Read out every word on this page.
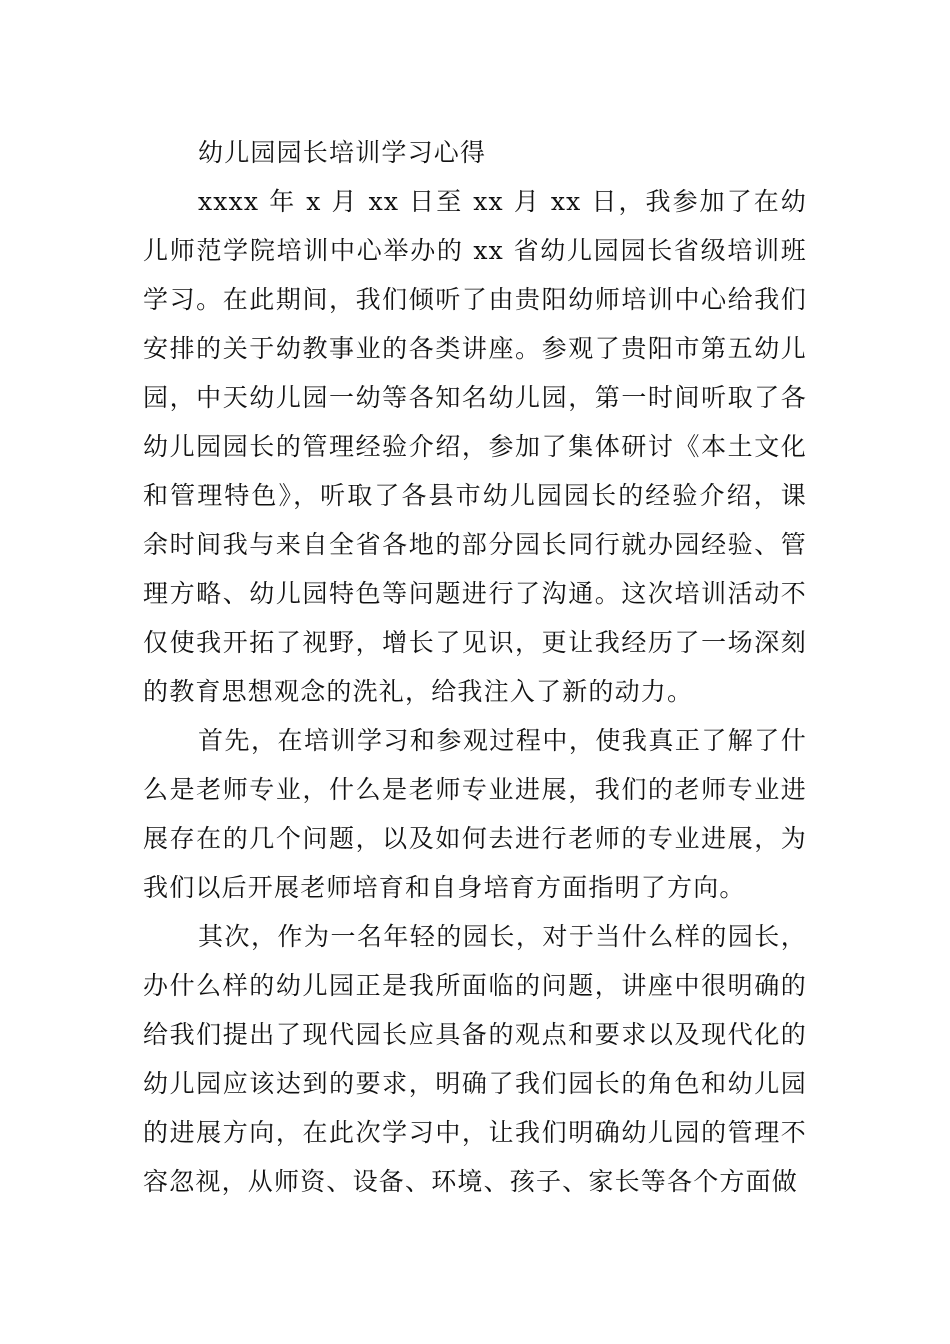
幼儿园园长培训学习心得

xxxx 年 x 月 xx 日至 xx 月 xx 日，我参加了在幼儿师范学院培训中心举办的 xx 省幼儿园园长省级培训班学习。在此期间，我们倾听了由贵阳幼师培训中心给我们安排的关于幼教事业的各类讲座。参观了贵阳市第五幼儿园，中天幼儿园一幼等各知名幼儿园，第一时间听取了各幼儿园园长的管理经验介绍，参加了集体研讨《本土文化和管理特色》，听取了各县市幼儿园园长的经验介绍，课余时间我与来自全省各地的部分园长同行就办园经验、管理方略、幼儿园特色等问题进行了沟通。这次培训活动不仅使我开拓了视野，增长了见识，更让我经历了一场深刻的教育思想观念的洗礼，给我注入了新的动力。

首先，在培训学习和参观过程中，使我真正了解了什么是老师专业，什么是老师专业进展，我们的老师专业进展存在的几个问题，以及如何去进行老师的专业进展，为我们以后开展老师培育和自身培育方面指明了方向。

其次，作为一名年轻的园长，对于当什么样的园长，办什么样的幼儿园正是我所面临的问题，讲座中很明确的给我们提出了现代园长应具备的观点和要求以及现代化的幼儿园应该达到的要求，明确了我们园长的角色和幼儿园的进展方向，在此次学习中，让我们明确幼儿园的管理不容忽视，从师资、设备、环境、孩子、家长等各个方面做
